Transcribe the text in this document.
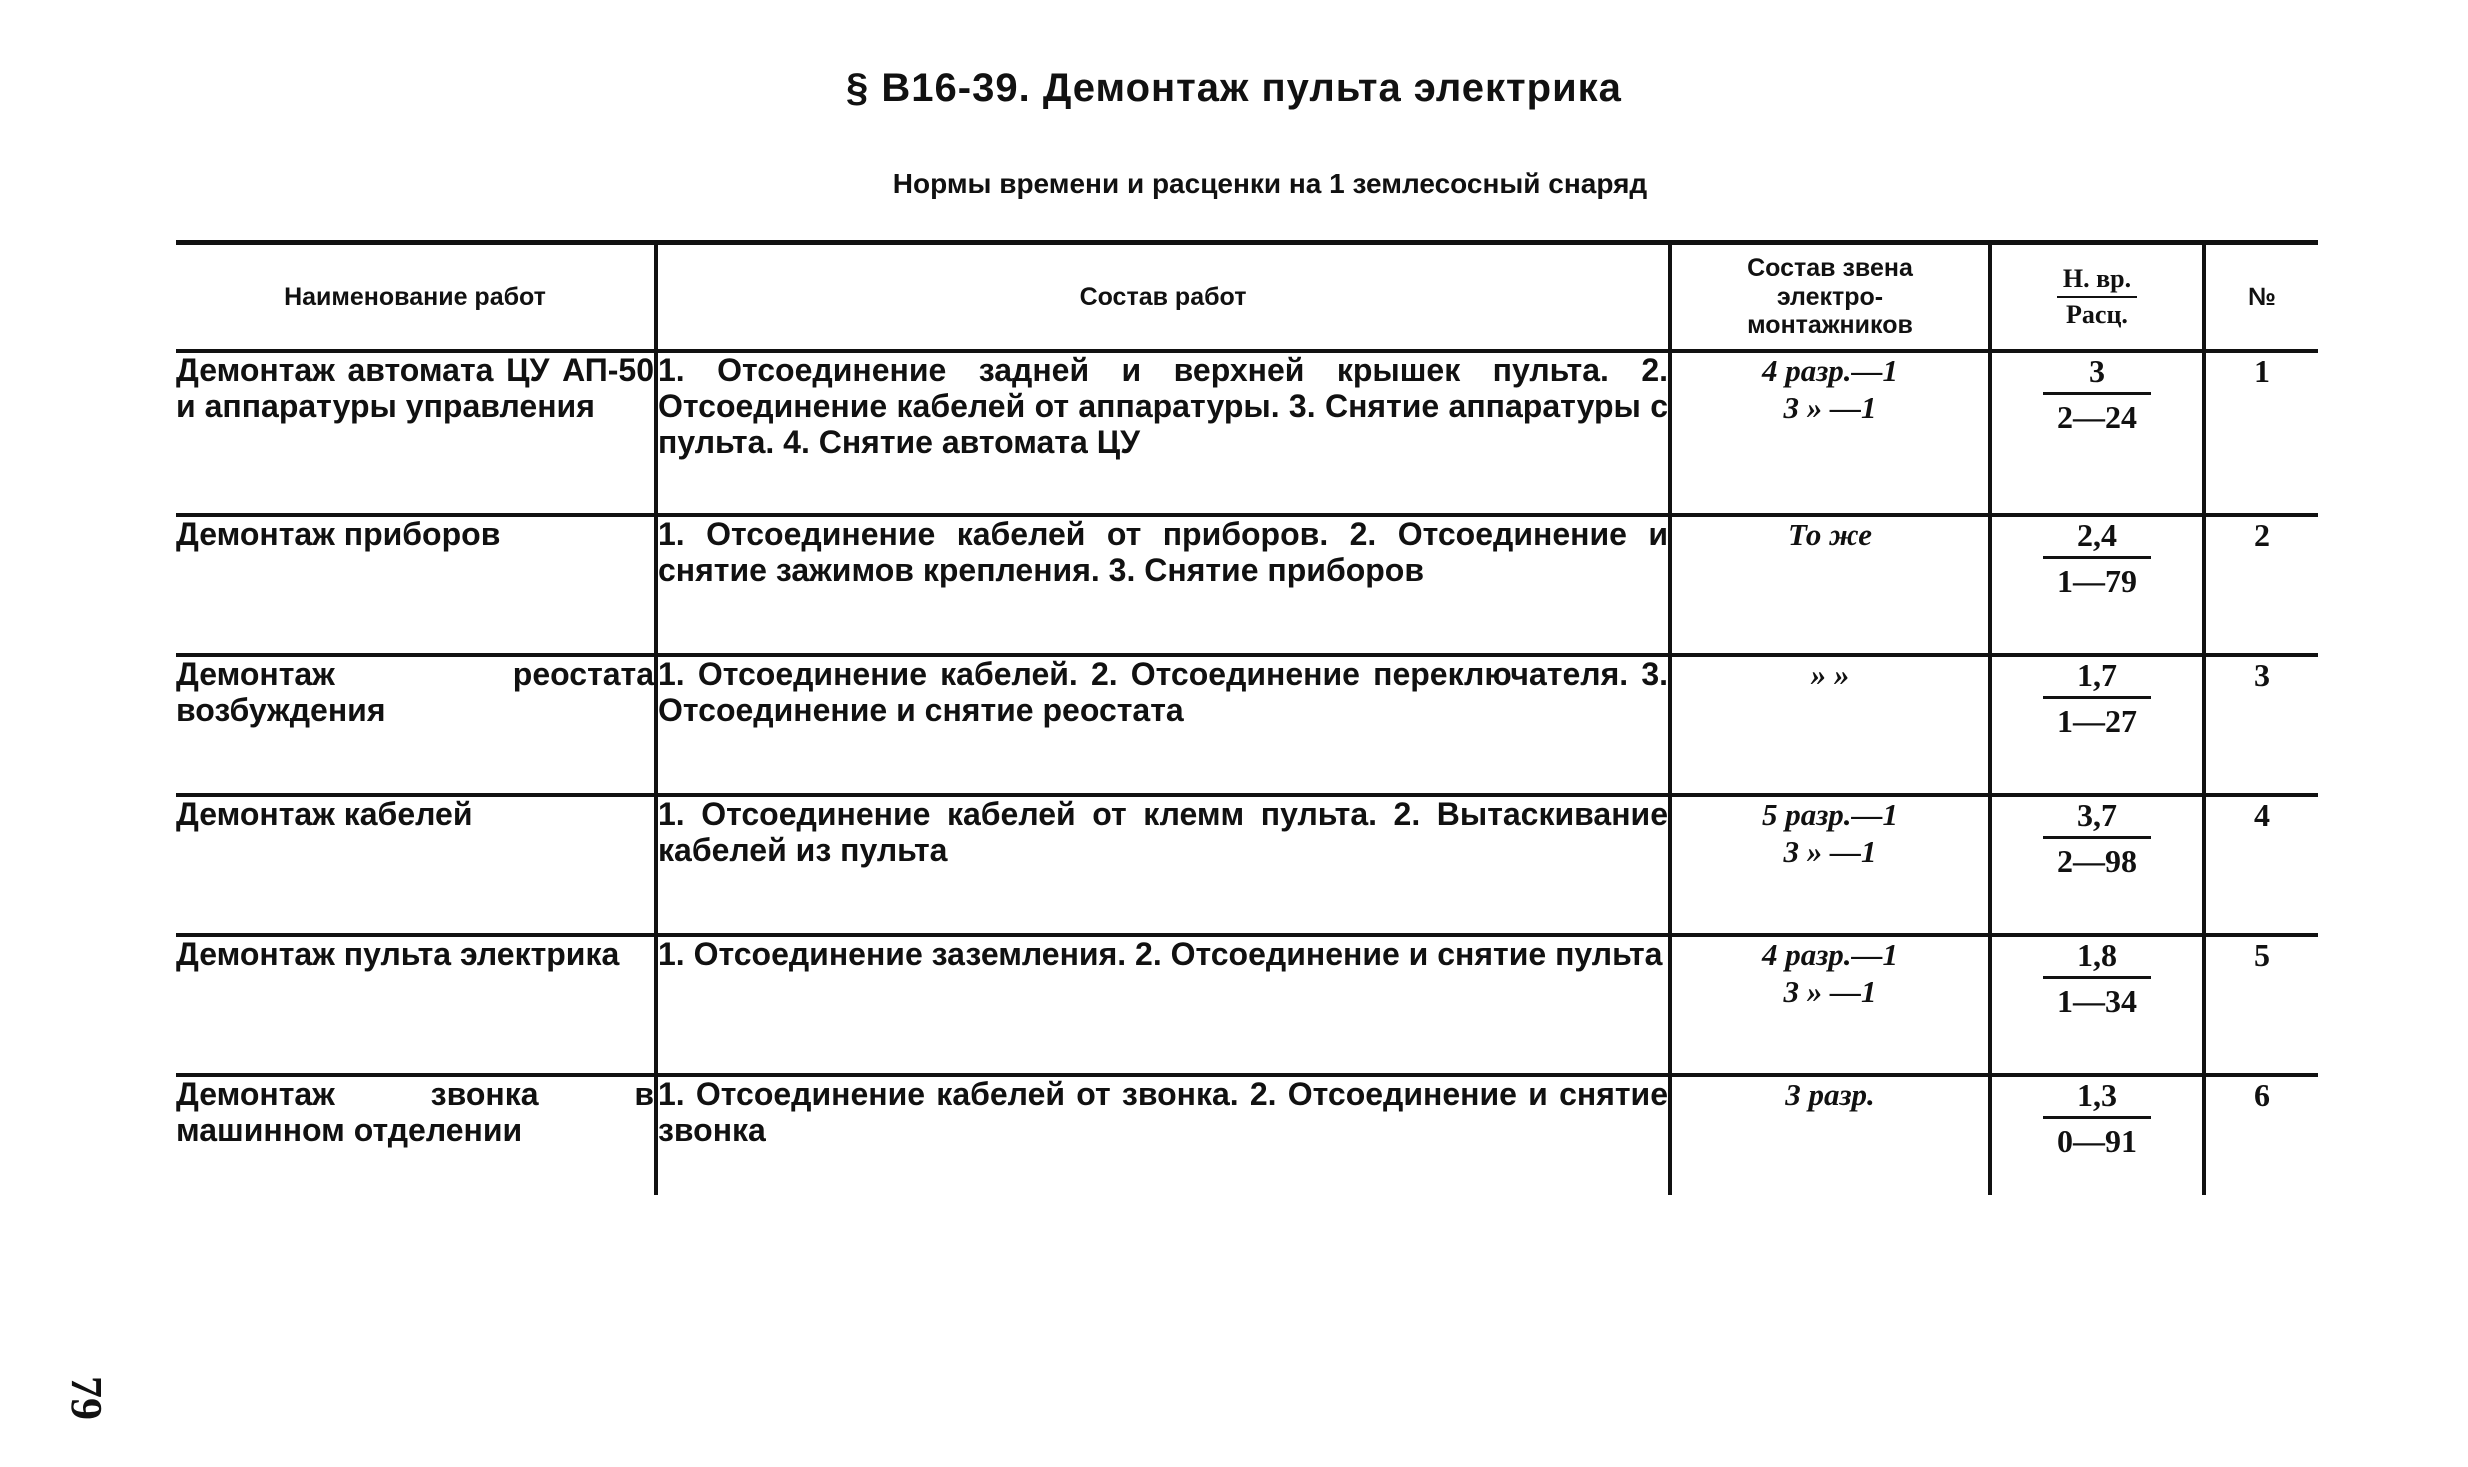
§ В16-39. Демонтаж пульта электрика
Нормы времени и расценки на 1 землесосный снаряд
Наименование работ	Состав работ	Состав звена электро-монтажников	$\frac{Н. вр.}{\text{Расц.}}$	№
Демонтаж автомата ЦУ АП-50 и аппаратуры управления	1. Отсоединение задней и верхней крышек пульта. 2. Отсоединение кабелей от аппаратуры. 3. Снятие аппаратуры с пульта. 4. Снятие автомата ЦУ	4 разр.—1
3 » —1	$\frac{3}{2—24}$	1
Демонтаж приборов	1. Отсоединение кабелей от приборов. 2. Отсоединение и снятие зажимов крепления. 3. Снятие приборов	То же	$\frac{2,4}{1—79}$	2
Демонтаж реостата возбуждения	1. Отсоединение кабелей. 2. Отсоединение переключателя. 3. Отсоединение и снятие реостата	» »	$\frac{1,7}{1—27}$	3
Демонтаж кабелей	1. Отсоединение кабелей от клемм пульта. 2. Вытаскивание кабелей из пульта	5 разр.—1
3 » —1	$\frac{3,7}{2—98}$	4
Демонтаж пульта электрика	1. Отсоединение заземления. 2. Отсоединение и снятие пульта	4 разр.—1
3 » —1	$\frac{1,8}{1—34}$	5
Демонтаж звонка в машинном отделении	1. Отсоединение кабелей от звонка. 2. Отсоединение и снятие звонка	3 разр.	$\frac{1,3}{0—91}$	6
79
